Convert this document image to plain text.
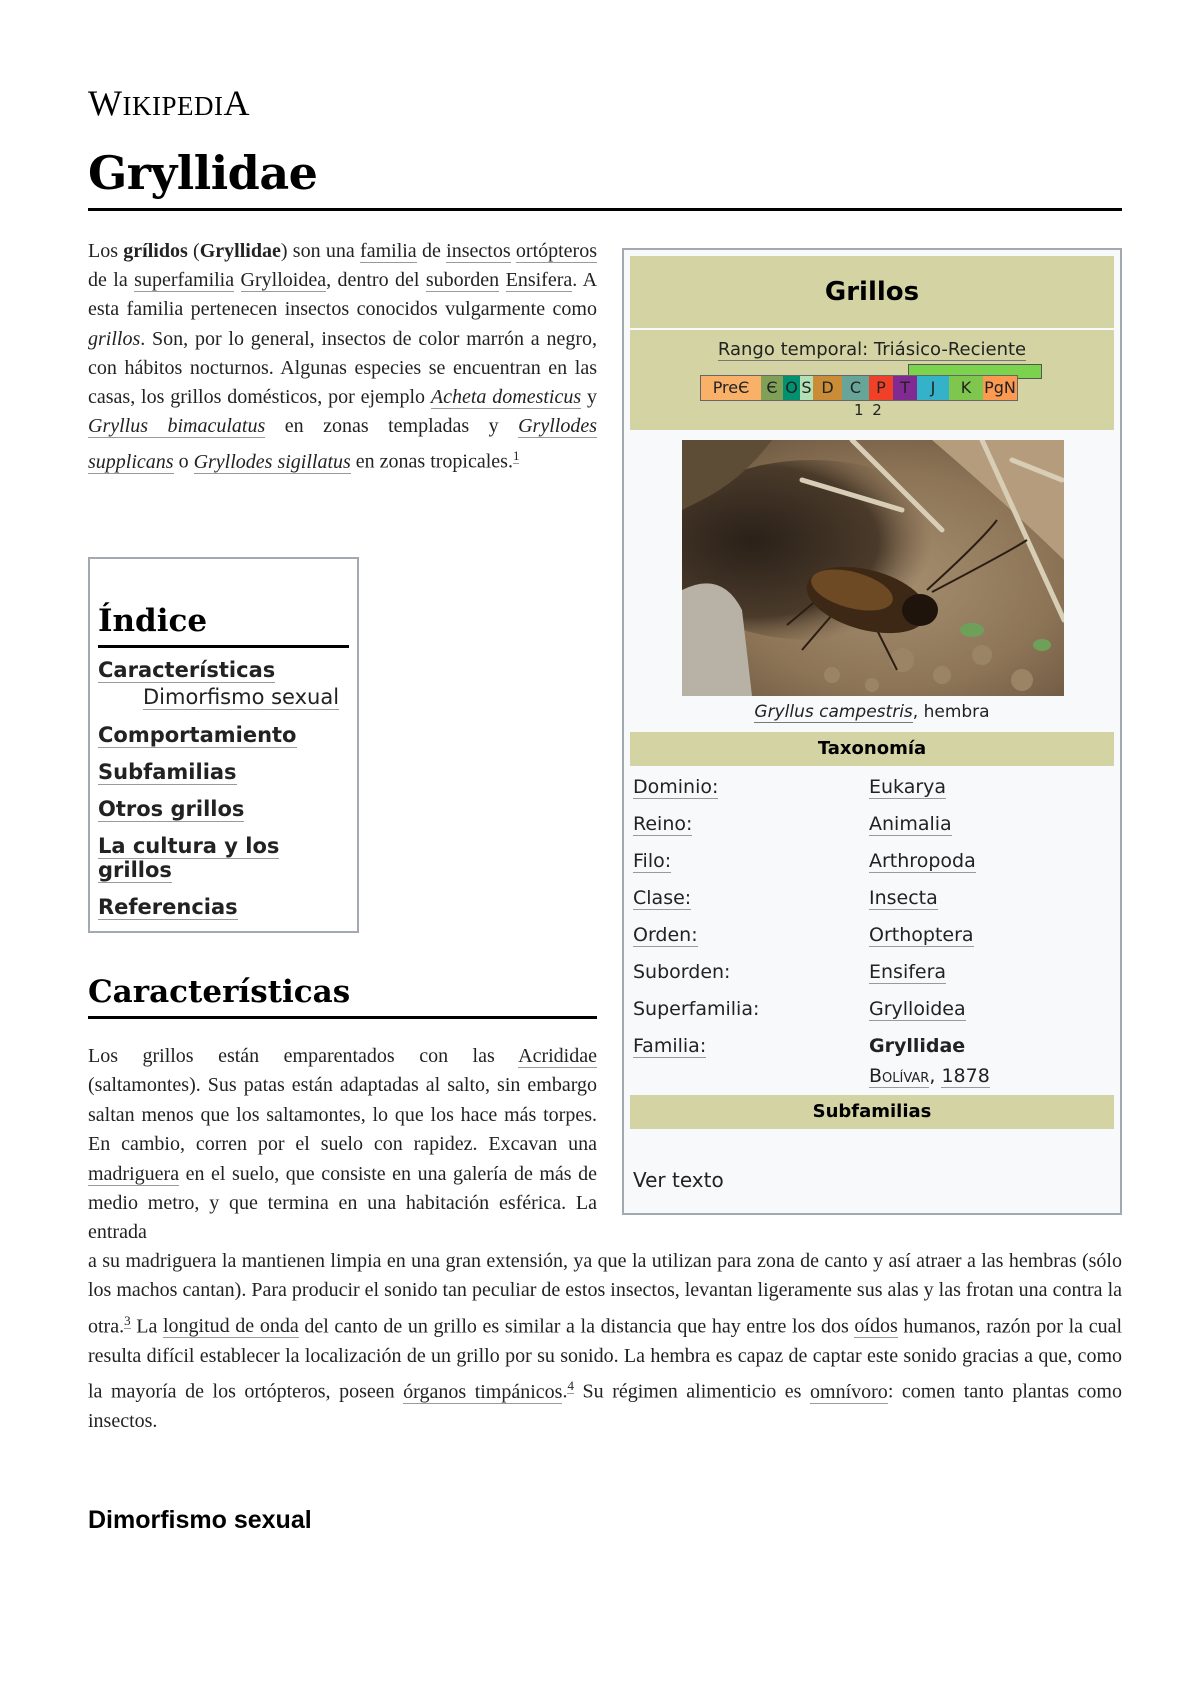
WIKIPEDIA
Gryllidae

Los grílidos (Gryllidae) son una familia de insectos ortópteros de la superfamilia Grylloidea, dentro del suborden Ensifera. A esta familia pertenecen insectos conocidos vulgarmente como grillos. Son, por lo general, insectos de color marrón a negro, con hábitos nocturnos. Algunas especies se encuentran en las casas, los grillos domésticos, por ejemplo Acheta domesticus y Gryllus bimaculatus en zonas templadas y Gryllodes supplicans o Gryllodes sigillatus en zonas tropicales.$^1$

Índice
Características
Dimorfismo sexual
Comportamiento
Subfamilias
Otros grillos
La cultura y los grillos
Referencias
Características

Los grillos están emparentados con las Acrididae (saltamontes). Sus patas están adaptadas al salto, sin embargo saltan menos que los saltamontes, lo que los hace más torpes. En cambio, corren por el suelo con rapidez. Excavan una madriguera en el suelo, que consiste en una galería de más de medio metro, y que termina en una habitación esférica. La entrada

a su madriguera la mantienen limpia en una gran extensión, ya que la utilizan para zona de canto y así atraer a las hembras (sólo los machos cantan). Para producir el sonido tan peculiar de estos insectos, levantan ligeramente sus alas y las frotan una contra la otra.$^3$ La longitud de onda del canto de un grillo es similar a la distancia que hay entre los dos oídos humanos, razón por la cual resulta difícil establecer la localización de un grillo por su sonido. La hembra es capaz de captar este sonido gracias a que, como la mayoría de los ortópteros, poseen órganos timpánicos.$^4$ Su régimen alimenticio es omnívoro: comen tanto plantas como insectos.

Dimorfismo sexual
Grillos
Rango temporal: Triásico-Reciente
PreЄ	Є O S D	C P T	J	K PgN
1 2
Gryllus campestris, hembra
Taxonomía
Dominio:	Eukarya
Reino:	Animalia
Filo:	Arthropoda
Clase:	Insecta
Orden:	Orthoptera
Suborden:	Ensifera
Superfamilia:	Grylloidea
Familia:	Gryllidae
Bolívar, 1878
Subfamilias
Ver texto
